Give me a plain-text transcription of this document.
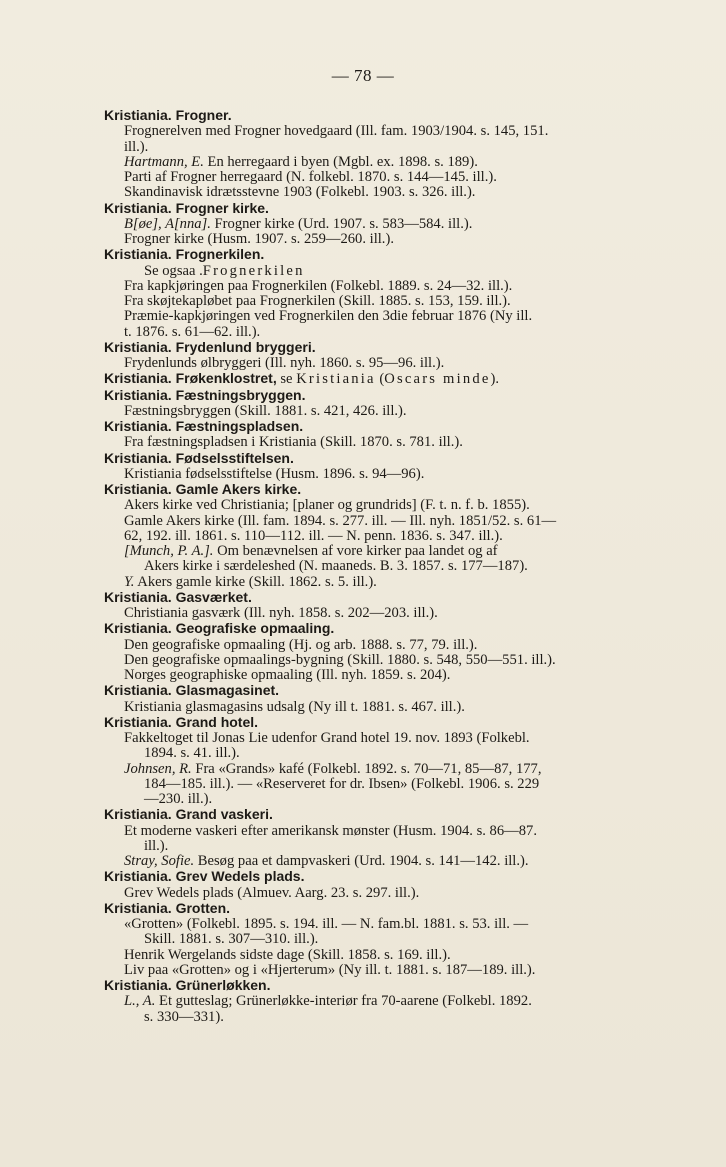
— 78 —
Kristiania. Frogner.
Frognerelven med Frogner hovedgaard (Ill. fam. 1903/1904. s. 145, 151.
ill.).
Hartmann, E. En herregaard i byen (Mgbl. ex. 1898. s. 189).
Parti af Frogner herregaard (N. folkebl. 1870. s. 144—145. ill.).
Skandinavisk idrætsstevne 1903 (Folkebl. 1903. s. 326. ill.).
Kristiania. Frogner kirke.
B[øe], A[nna]. Frogner kirke (Urd. 1907. s. 583—584. ill.).
Frogner kirke (Husm. 1907. s. 259—260. ill.).
Kristiania. Frognerkilen.
Se ogsaa .Frognerkilen
Fra kapkjøringen paa Frognerkilen (Folkebl. 1889. s. 24—32. ill.).
Fra skøjtekapløbet paa Frognerkilen (Skill. 1885. s. 153, 159. ill.).
Præmie-kapkjøringen ved Frognerkilen den 3die februar 1876 (Ny ill.
t. 1876. s. 61—62. ill.).
Kristiania. Frydenlund bryggeri.
Frydenlunds ølbryggeri (Ill. nyh. 1860. s. 95—96. ill.).
Kristiania. Frøkenklostret, se Kristiania (Oscars minde).
Kristiania. Fæstningsbryggen.
Fæstningsbryggen (Skill. 1881. s. 421, 426. ill.).
Kristiania. Fæstningspladsen.
Fra fæstningspladsen i Kristiania (Skill. 1870. s. 781. ill.).
Kristiania. Fødselsstiftelsen.
Kristiania fødselsstiftelse (Husm. 1896. s. 94—96).
Kristiania. Gamle Akers kirke.
Akers kirke ved Christiania; [planer og grundrids] (F. t. n. f. b. 1855).
Gamle Akers kirke (Ill. fam. 1894. s. 277. ill. — Ill. nyh. 1851/52. s. 61—
62, 192. ill. 1861. s. 110—112. ill. — N. penn. 1836. s. 347. ill.).
[Munch, P. A.]. Om benævnelsen af vore kirker paa landet og af
Akers kirke i særdeleshed (N. maaneds. B. 3. 1857. s. 177—187).
Y. Akers gamle kirke (Skill. 1862. s. 5. ill.).
Kristiania. Gasværket.
Christiania gasværk (Ill. nyh. 1858. s. 202—203. ill.).
Kristiania. Geografiske opmaaling.
Den geografiske opmaaling (Hj. og arb. 1888. s. 77, 79. ill.).
Den geografiske opmaalings-bygning (Skill. 1880. s. 548, 550—551. ill.).
Norges geographiske opmaaling (Ill. nyh. 1859. s. 204).
Kristiania. Glasmagasinet.
Kristiania glasmagasins udsalg (Ny ill t. 1881. s. 467. ill.).
Kristiania. Grand hotel.
Fakkeltoget til Jonas Lie udenfor Grand hotel 19. nov. 1893 (Folkebl.
1894. s. 41. ill.).
Johnsen, R. Fra «Grands» kafé (Folkebl. 1892. s. 70—71, 85—87, 177,
184—185. ill.). — «Reserveret for dr. Ibsen» (Folkebl. 1906. s. 229
—230. ill.).
Kristiania. Grand vaskeri.
Et moderne vaskeri efter amerikansk mønster (Husm. 1904. s. 86—87.
ill.).
Stray, Sofie. Besøg paa et dampvaskeri (Urd. 1904. s. 141—142. ill.).
Kristiania. Grev Wedels plads.
Grev Wedels plads (Almuev. Aarg. 23. s. 297. ill.).
Kristiania. Grotten.
«Grotten» (Folkebl. 1895. s. 194. ill. — N. fam.bl. 1881. s. 53. ill. —
Skill. 1881. s. 307—310. ill.).
Henrik Wergelands sidste dage (Skill. 1858. s. 169. ill.).
Liv paa «Grotten» og i «Hjerterum» (Ny ill. t. 1881. s. 187—189. ill.).
Kristiania. Grünerløkken.
L., A. Et gutteslag; Grünerløkke-interiør fra 70-aarene (Folkebl. 1892.
s. 330—331).
